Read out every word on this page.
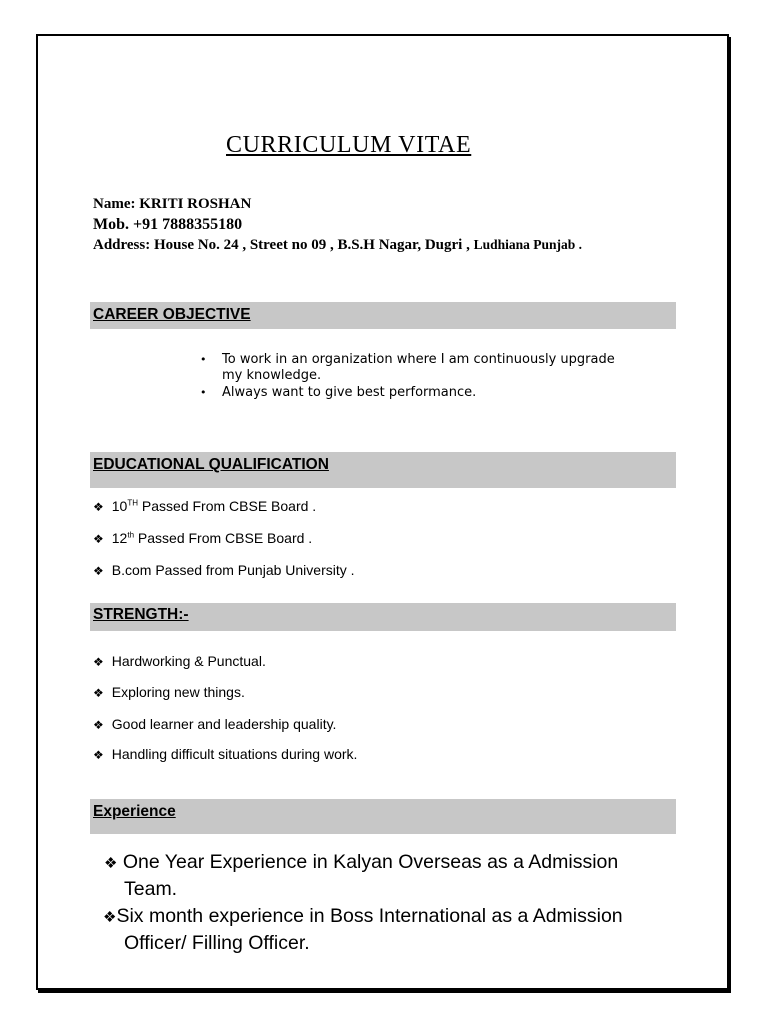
CURRICULUM VITAE
Name: KRITI ROSHAN
Mob. +91 7888355180
Address: House No. 24 , Street no 09 , B.S.H Nagar, Dugri , Ludhiana Punjab .
CAREER OBJECTIVE
• To work in an organization where I am continuously upgrade
my knowledge.
• Always want to give best performance.
EDUCATIONAL QUALIFICATION
❖ 10TH Passed From CBSE Board .
❖ 12th Passed From CBSE Board .
❖ B.com Passed from Punjab University .
STRENGTH:-
❖ Hardworking & Punctual.
❖ Exploring new things.
❖ Good learner and leadership quality.
❖ Handling difficult situations during work.
Experience
❖ One Year Experience in Kalyan Overseas as a Admission
Team.
❖Six month experience in Boss International as a Admission
Officer/ Filling Officer.
